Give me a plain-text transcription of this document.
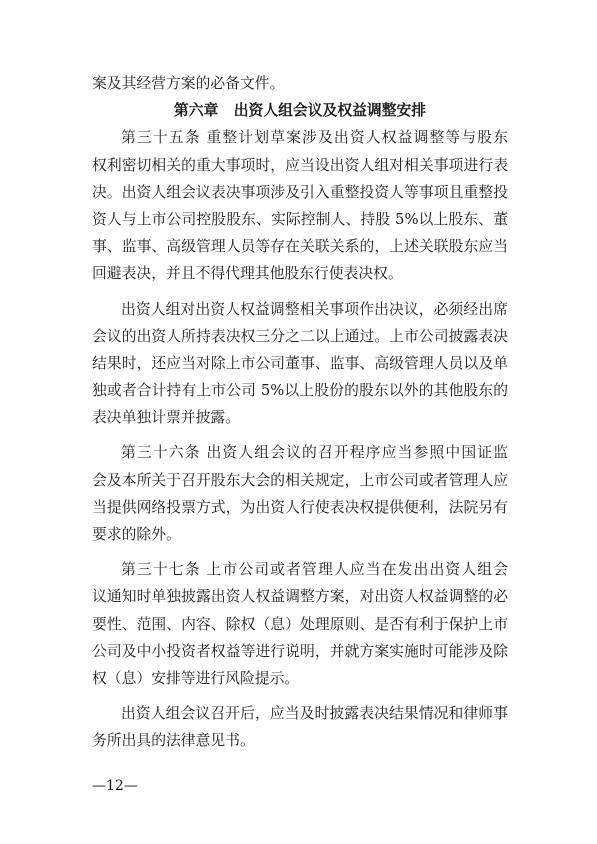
案及其经营方案的必备文件。
第六章   出资人组会议及权益调整安排
第三十五条 重整计划草案涉及出资人权益调整等与股东
权利密切相关的重大事项时，应当设出资人组对相关事项进行表
决。出资人组会议表决事项涉及引入重整投资人等事项且重整投
资人与上市公司控股股东、实际控制人、持股 5%以上股东、董
事、监事、高级管理人员等存在关联关系的，上述关联股东应当
回避表决，并且不得代理其他股东行使表决权。
出资人组对出资人权益调整相关事项作出决议，必须经出席
会议的出资人所持表决权三分之二以上通过。上市公司披露表决
结果时，还应当对除上市公司董事、监事、高级管理人员以及单
独或者合计持有上市公司 5%以上股份的股东以外的其他股东的
表决单独计票并披露。
第三十六条 出资人组会议的召开程序应当参照中国证监
会及本所关于召开股东大会的相关规定，上市公司或者管理人应
当提供网络投票方式，为出资人行使表决权提供便利，法院另有
要求的除外。
第三十七条 上市公司或者管理人应当在发出出资人组会
议通知时单独披露出资人权益调整方案，对出资人权益调整的必
要性、范围、内容、除权（息）处理原则、是否有利于保护上市
公司及中小投资者权益等进行说明，并就方案实施时可能涉及除
权（息）安排等进行风险提示。
出资人组会议召开后，应当及时披露表决结果情况和律师事
务所出具的法律意见书。
—12—
